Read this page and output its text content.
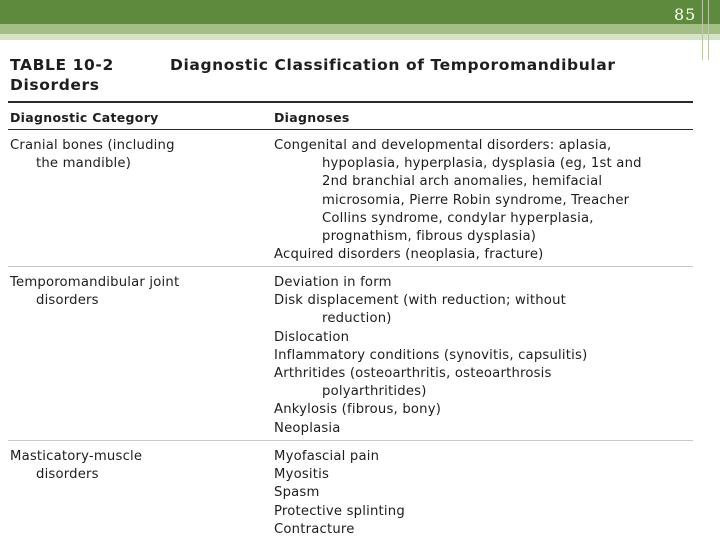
85
TABLE 10-2	Diagnostic Classification of Temporomandibular
Disorders
Diagnostic Category	Diagnoses
Cranial bones (including
the mandible)
Congenital and developmental disorders: aplasia,
hypoplasia, hyperplasia, dysplasia (eg, 1st and
2nd branchial arch anomalies, hemifacial
microsomia, Pierre Robin syndrome, Treacher
Collins syndrome, condylar hyperplasia,
prognathism, fibrous dysplasia)
Acquired disorders (neoplasia, fracture)
Temporomandibular joint
disorders
Deviation in form
Disk displacement (with reduction; without
reduction)
Dislocation
Inflammatory conditions (synovitis, capsulitis)
Arthritides (osteoarthritis, osteoarthrosis
polyarthritides)
Ankylosis (fibrous, bony)
Neoplasia
Masticatory-muscle
disorders
Myofascial pain
Myositis
Spasm
Protective splinting
Contracture
